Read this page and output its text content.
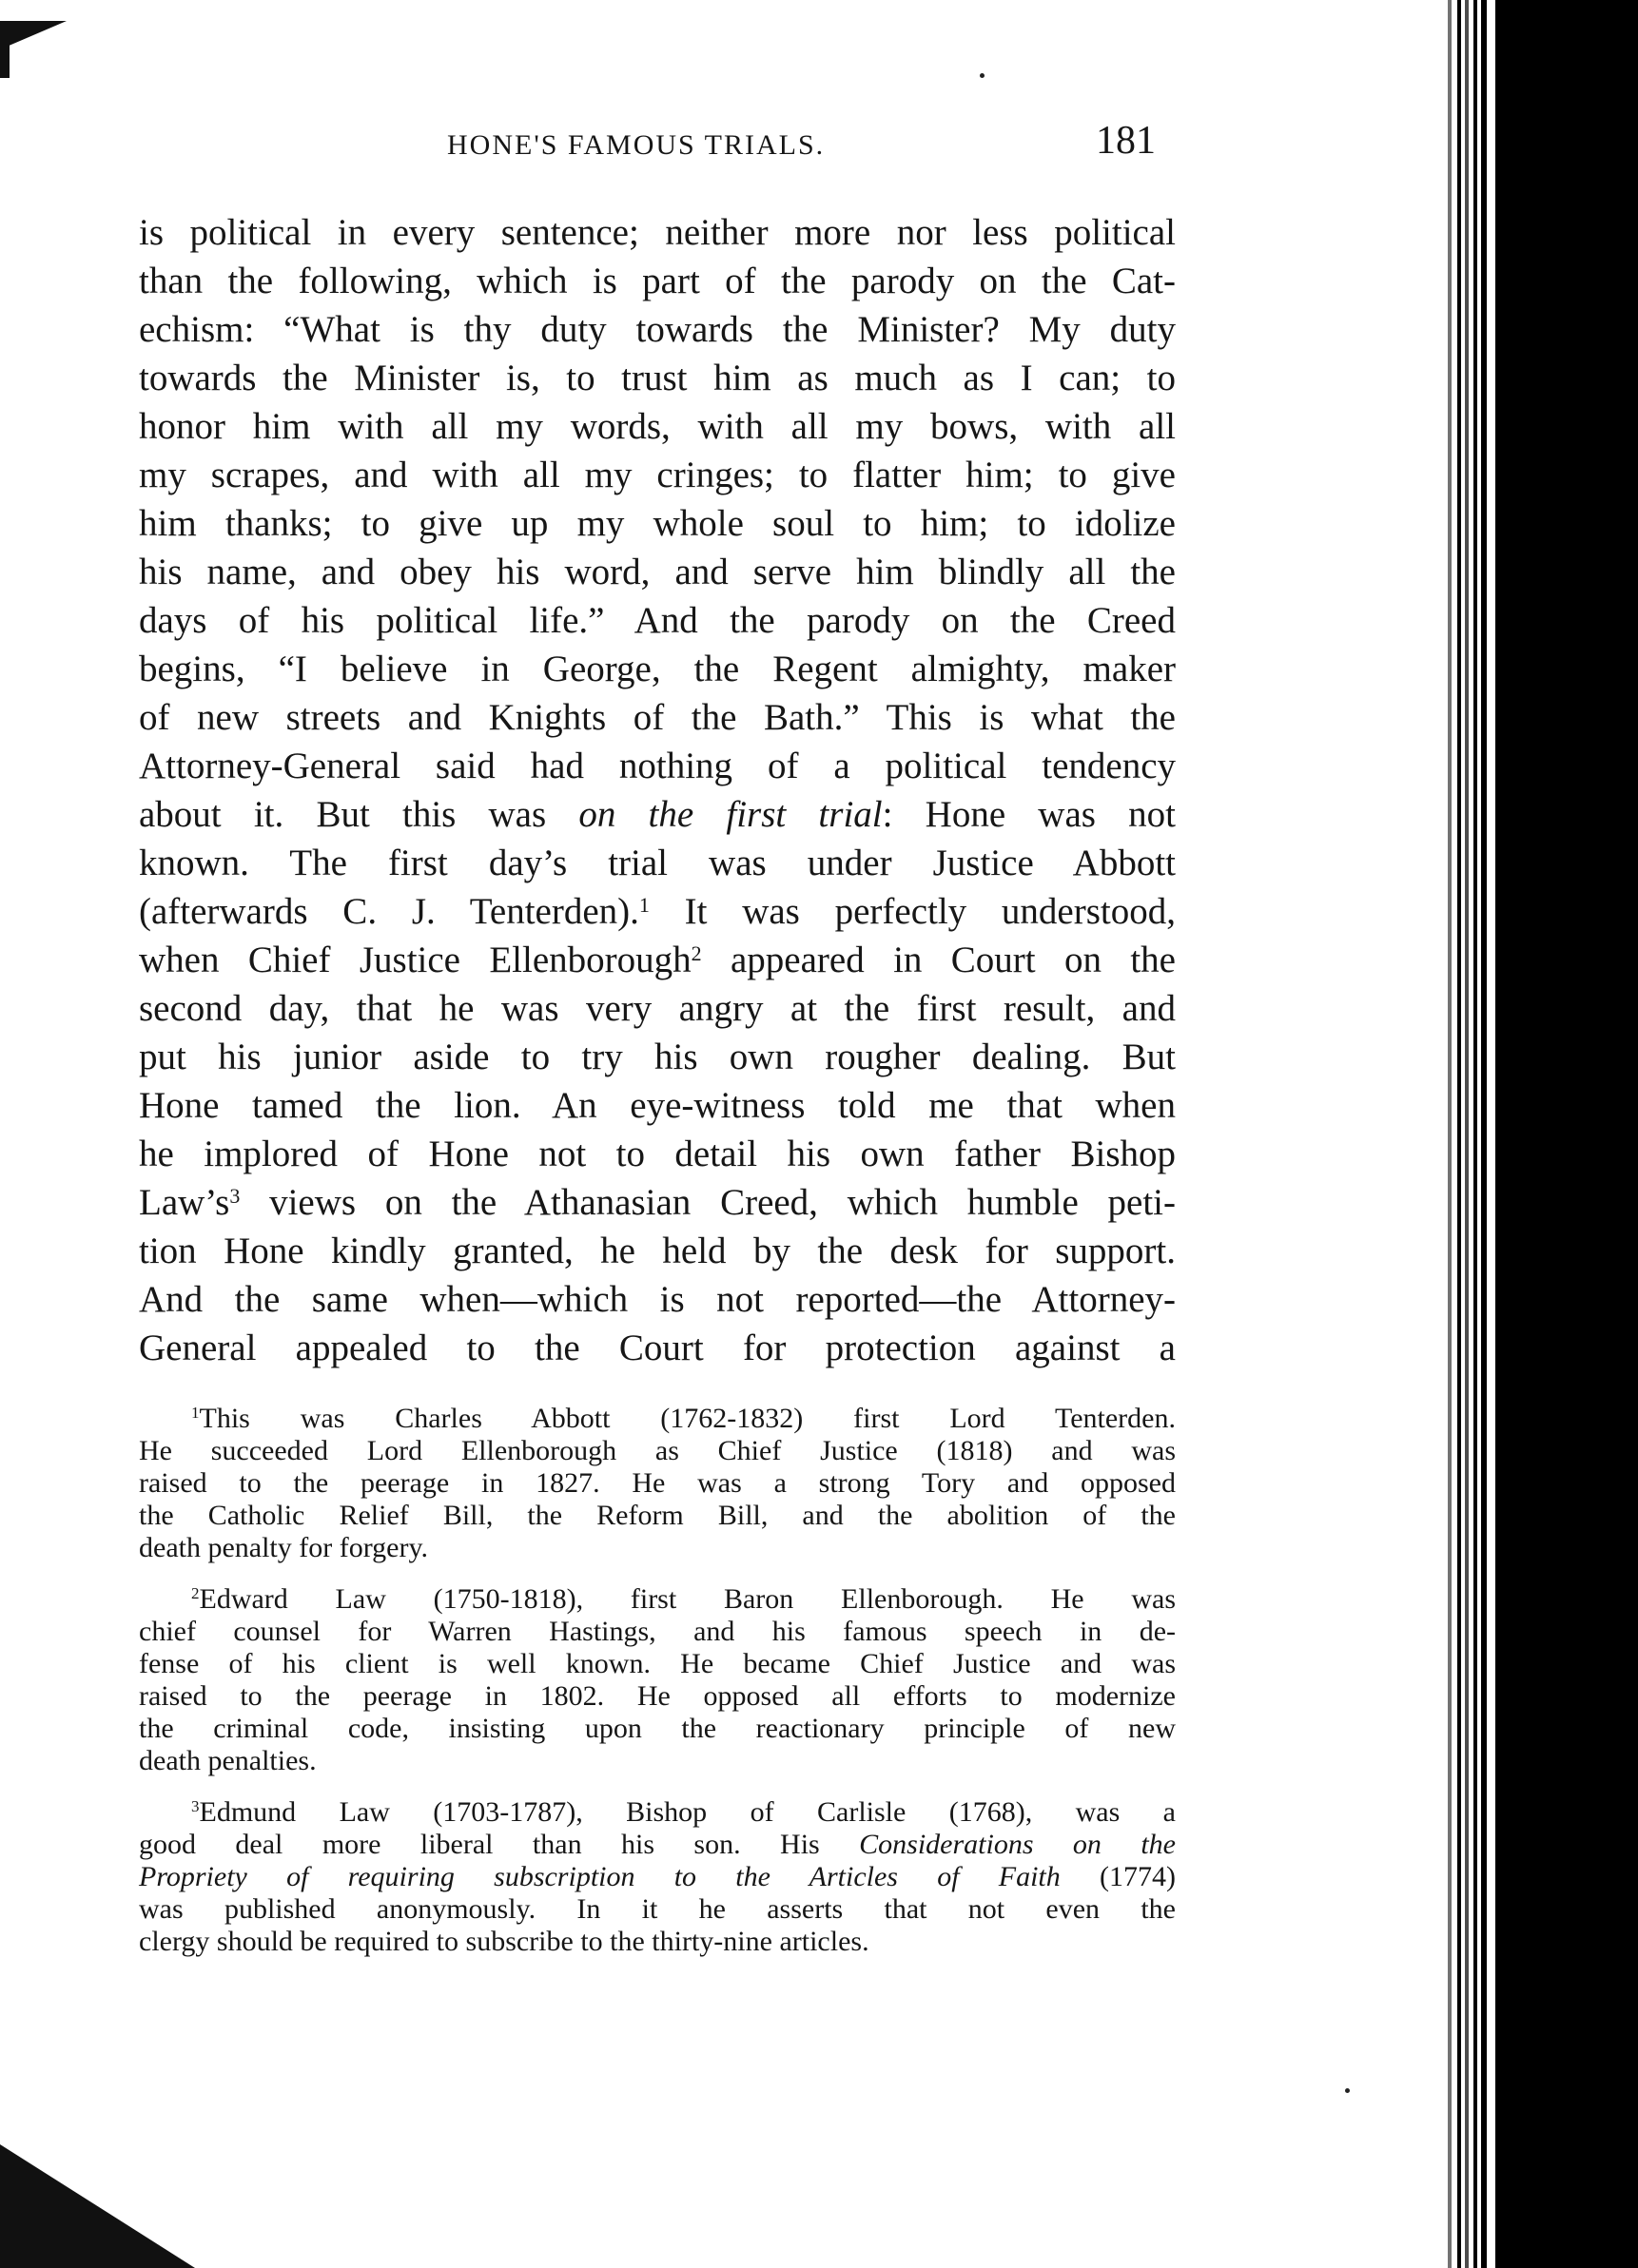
HONE'S FAMOUS TRIALS.	181
is political in every sentence; neither more nor less political
than the following, which is part of the parody on the Cat-
echism: “What is thy duty towards the Minister? My duty
towards the Minister is, to trust him as much as I can; to
honor him with all my words, with all my bows, with all
my scrapes, and with all my cringes; to flatter him; to give
him thanks; to give up my whole soul to him; to idolize
his name, and obey his word, and serve him blindly all the
days of his political life.” And the parody on the Creed
begins, “I believe in George, the Regent almighty, maker
of new streets and Knights of the Bath.” This is what the
Attorney-General said had nothing of a political tendency
about it. But this was on the first trial: Hone was not
known. The first day’s trial was under Justice Abbott
(afterwards C. J. Tenterden).$^1$ It was perfectly understood,
when Chief Justice Ellenborough$^2$ appeared in Court on the
second day, that he was very angry at the first result, and
put his junior aside to try his own rougher dealing. But
Hone tamed the lion. An eye-witness told me that when
he implored of Hone not to detail his own father Bishop
$Law’s^3$ views on the Athanasian Creed, which humble peti-
tion Hone kindly granted, he held by the desk for support.
And the same when—which is not reported—the Attorney-
General appealed to the Court for protection against a
$^1$This was Charles Abbott (1762-1832) first Lord Tenterden.
He succeeded Lord Ellenborough as Chief Justice (1818) and was
raised to the peerage in 1827. He was a strong Tory and opposed
the Catholic Relief Bill, the Reform Bill, and the abolition of the
death penalty for forgery.
$^2$Edward Law (1750-1818), first Baron Ellenborough. He was
chief counsel for Warren Hastings, and his famous speech in de-
fense of his client is well known. He became Chief Justice and was
raised to the peerage in 1802. He opposed all efforts to modernize
the criminal code, insisting upon the reactionary principle of new
death penalties.
$^3$Edmund Law (1703-1787), Bishop of Carlisle (1768), was a
good deal more liberal than his son. His Considerations on the
Propriety of requiring subscription to the Articles of Faith (1774)
was published anonymously. In it he asserts that not even the
clergy should be required to subscribe to the thirty-nine articles.
